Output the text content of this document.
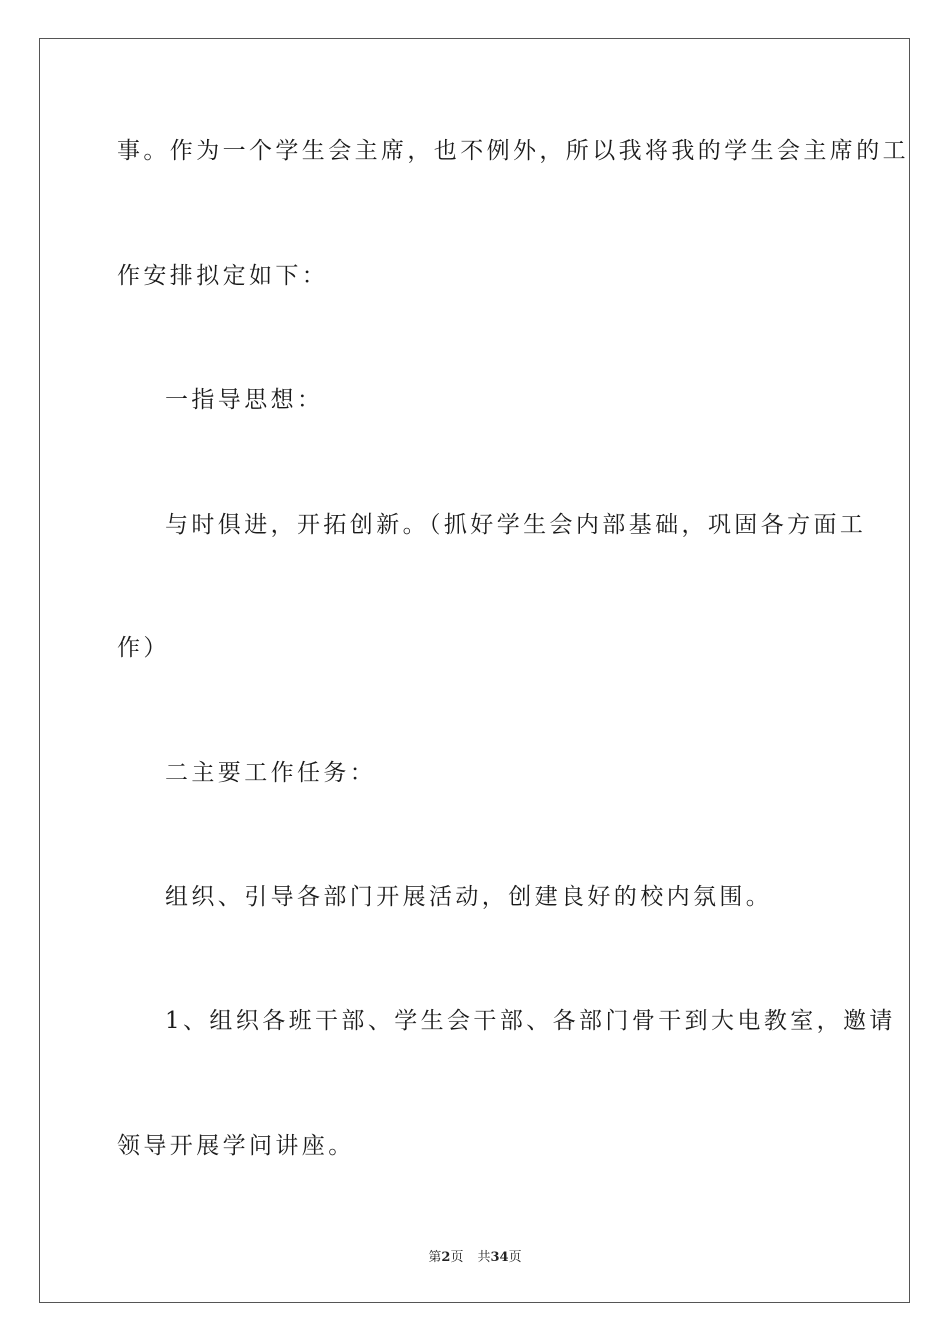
事。作为一个学生会主席，也不例外，所以我将我的学生会主席的工
作安排拟定如下：
一指导思想：
与时俱进，开拓创新。（抓好学生会内部基础，巩固各方面工
作）
二主要工作任务：
组织、引导各部门开展活动，创建良好的校内氛围。
1、组织各班干部、学生会干部、各部门骨干到大电教室，邀请
领导开展学问讲座。
第2页 共34页
